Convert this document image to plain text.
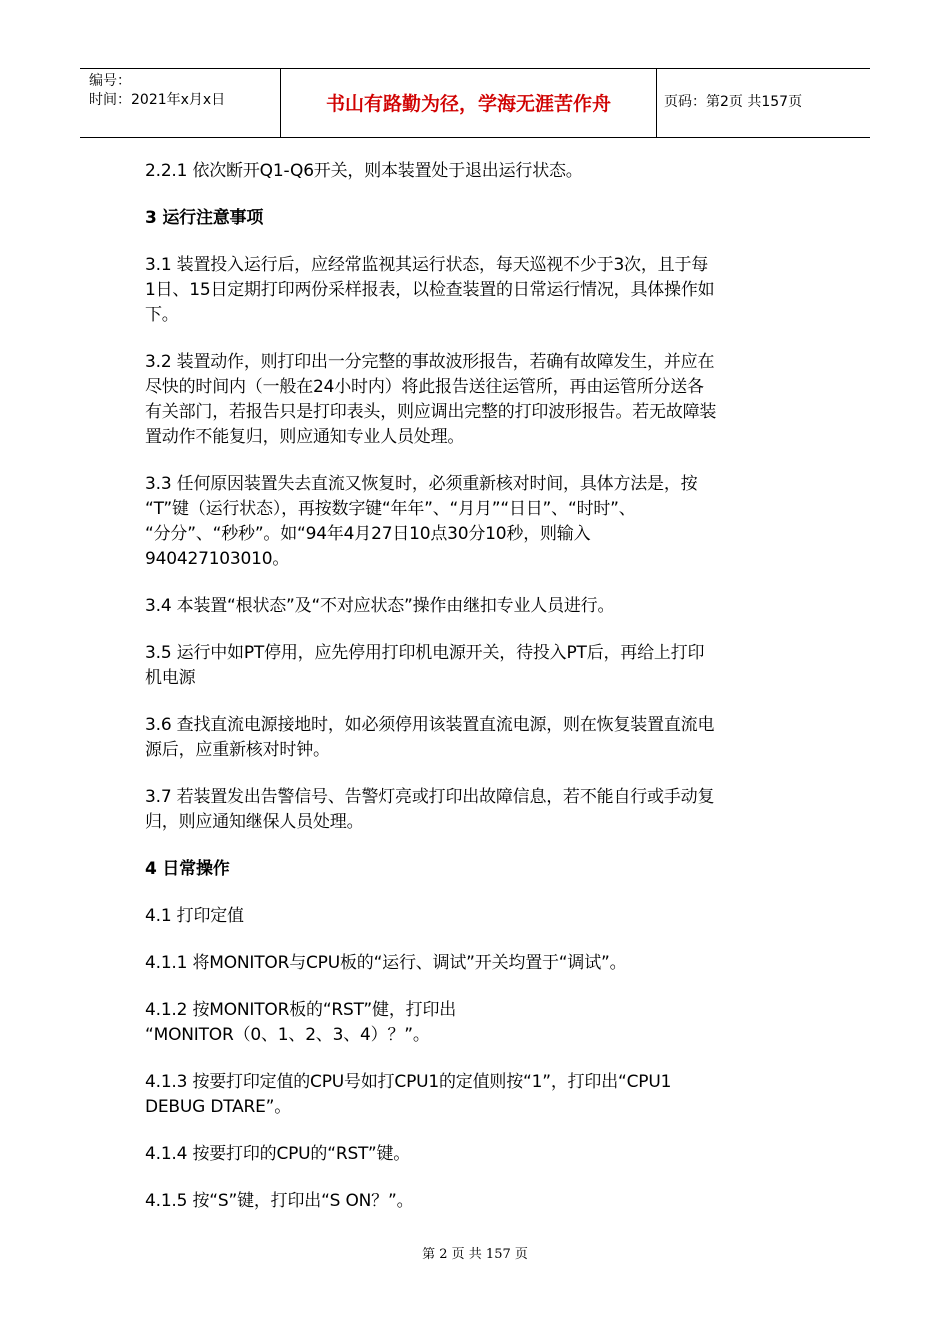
编号：
时间：2021年x月x日	书山有路勤为径，学海无涯苦作舟	页码：第2页 共157页
2.2.1 依次断开Q1-Q6开关，则本装置处于退出运行状态。
3 运行注意事项
3.1 装置投入运行后，应经常监视其运行状态，每天巡视不少于3次，且于每
1日、15日定期打印两份采样报表，以检查装置的日常运行情况，具体操作如
下。
3.2 装置动作，则打印出一分完整的事故波形报告，若确有故障发生，并应在
尽快的时间内（一般在24小时内）将此报告送往运管所，再由运管所分送各
有关部门，若报告只是打印表头，则应调出完整的打印波形报告。若无故障装
置动作不能复归，则应通知专业人员处理。
3.3 任何原因装置失去直流又恢复时，必须重新核对时间，具体方法是，按
“T”键（运行状态），再按数字键“年年”、“月月”“日日”、“时时”、
“分分”、“秒秒”。如“94年4月27日10点30分10秒，则输入
940427103010。
3.4 本装置“根状态”及“不对应状态”操作由继扣专业人员进行。
3.5 运行中如PT停用，应先停用打印机电源开关，待投入PT后，再给上打印
机电源
3.6 查找直流电源接地时，如必须停用该装置直流电源，则在恢复装置直流电
源后，应重新核对时钟。
3.7 若装置发出告警信号、告警灯亮或打印出故障信息，若不能自行或手动复
归，则应通知继保人员处理。
4 日常操作
4.1 打印定值
4.1.1 将MONITOR与CPU板的“运行、调试”开关均置于“调试”。
4.1.2 按MONITOR板的“RST”健，打印出
“MONITOR（0、1、2、3、4）？”。
4.1.3 按要打印定值的CPU号如打CPU1的定值则按“1”，打印出“CPU1
DEBUG DTARE”。
4.1.4 按要打印的CPU的“RST”键。
4.1.5 按“S”键，打印出“S ON？”。
第 2 页 共 157 页
